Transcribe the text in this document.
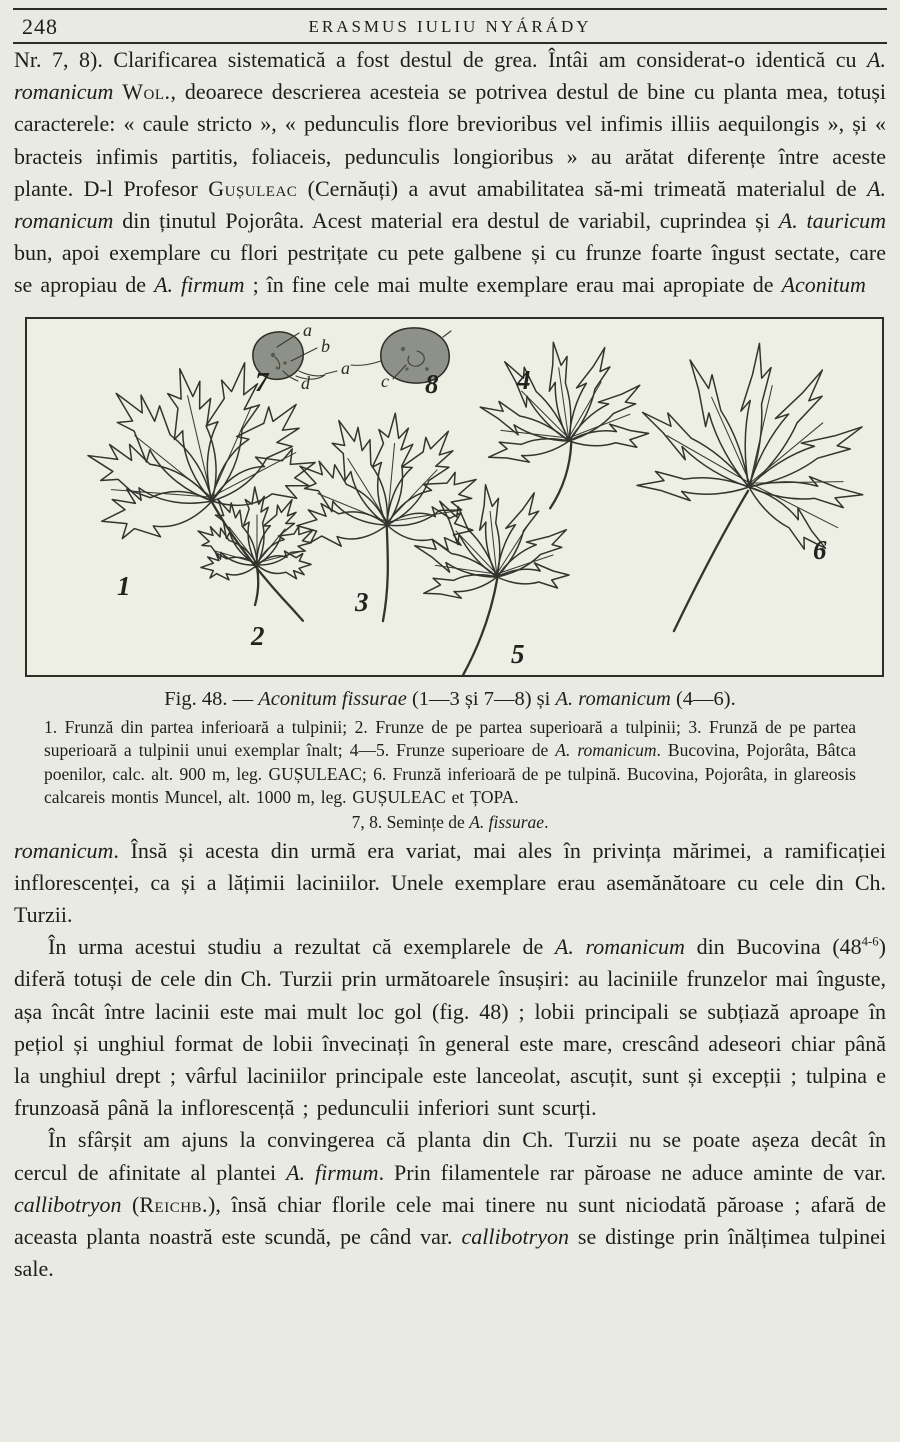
248	ERASMUS IULIU NYÁRÁDY

Nr. 7, 8). Clarificarea sistematică a fost destul de grea. Întâi am considerat-o identică cu A. romanicum Wol., deoarece descrierea acesteia se potrivea destul de bine cu planta mea, totuși caracterele: « caule stricto », « pedunculis flore brevioribus vel infimis illiis aequilongis », și « bracteis infimis partitis, foliaceis, pedunculis longioribus » au arătat diferențe între aceste plante. D-l Profesor Gușuleac (Cernăuți) a avut amabilitatea să-mi trimeată materialul de A. romanicum din ținutul Pojorâta. Acest material era destul de variabil, cuprindea și A. tauricum bun, apoi exemplare cu flori pestrițate cu pete galbene și cu frunze foarte îngust sectate, care se apropiau de A. firmum ; în fine cele mai multe exemplare erau mai apropiate de Aconitum

a
b
d
a
c
1
2
3
4
5
6
7	8
Fig. 48. — Aconitum fissurae (1—3 și 7—8) și A. romanicum (4—6).
1. Frunză din partea inferioară a tulpinii; 2. Frunze de pe partea superioară a tulpinii; 3. Frunză de pe partea superioară a tulpinii unui exemplar înalt; 4—5. Frunze superioare de A. romanicum. Bucovina, Pojorâta, Bâtca poenilor, calc. alt. 900 m, leg. GUȘULEAC; 6. Frunză inferioară de pe tulpină. Bucovina, Pojorâta, in glareosis calcareis montis Muncel, alt. 1000 m, leg. GUȘULEAC et ȚOPA.
7, 8. Semințe de A. fissurae.

romanicum. Însă și acesta din urmă era variat, mai ales în privința mărimei, a ramificației inflorescenței, ca și a lățimii laciniilor. Unele exemplare erau asemănătoare cu cele din Ch. Turzii.

În urma acestui studiu a rezultat că exemplarele de A. romanicum din Bucovina (48$^{4-6}$) diferă totuși de cele din Ch. Turzii prin următoarele însușiri: au laciniile frunzelor mai înguste, așa încât între lacinii este mai mult loc gol (fig. 48) ; lobii principali se subțiază aproape în pețiol și unghiul format de lobii învecinați în general este mare, crescând adeseori chiar până la unghiul drept ; vârful laciniilor principale este lanceolat, ascuțit, sunt și excepții ; tulpina e frunzoasă până la inflorescență ; pedunculii inferiori sunt scurți.

În sfârșit am ajuns la convingerea că planta din Ch. Turzii nu se poate așeza decât în cercul de afinitate al plantei A. firmum. Prin filamentele rar păroase ne aduce aminte de var. callibotryon (Reichb.), însă chiar florile cele mai tinere nu sunt niciodată păroase ; afară de aceasta planta noastră este scundă, pe când var. callibotryon se distinge prin înălțimea tulpinei sale.
